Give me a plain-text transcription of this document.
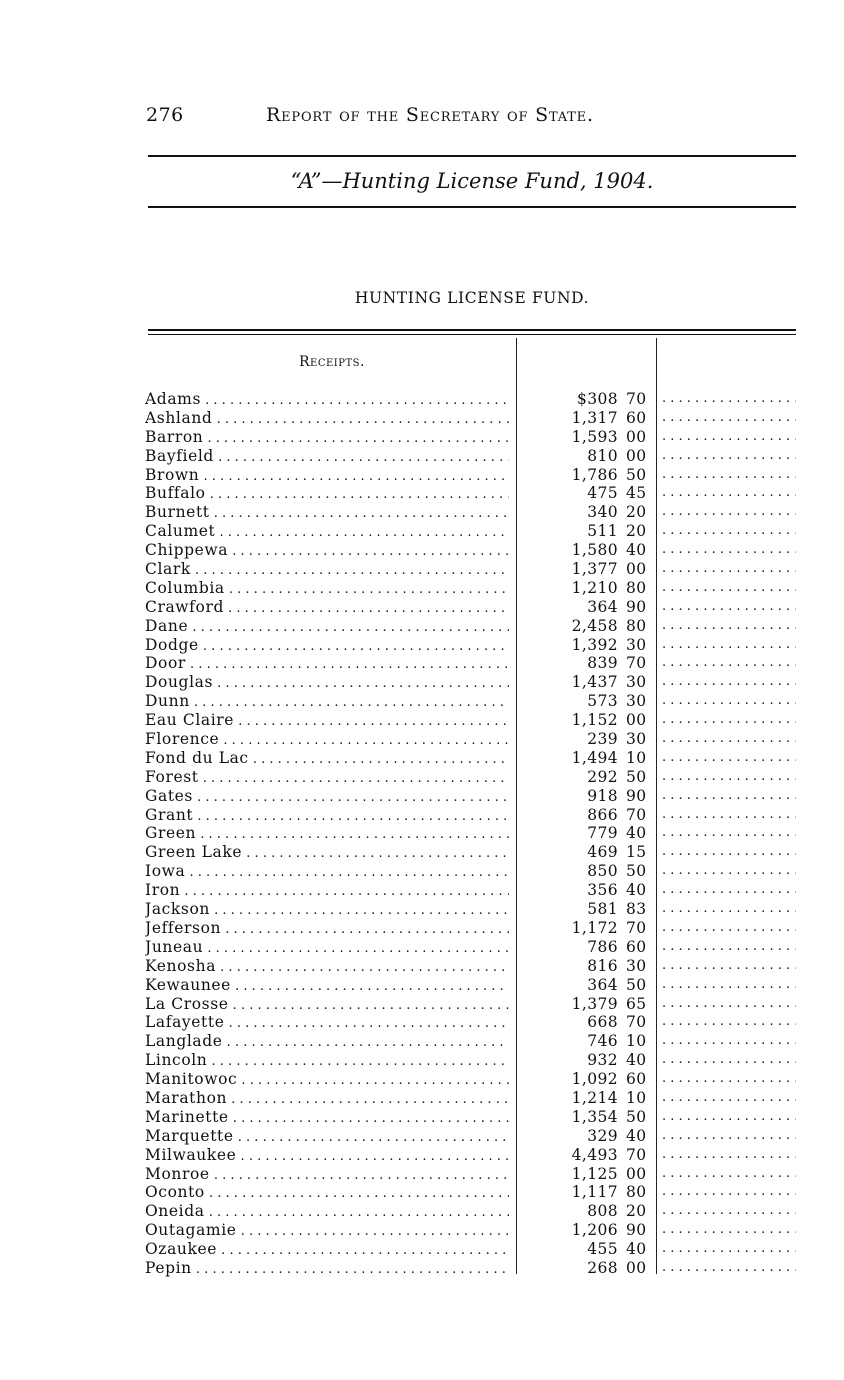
276	Report of the Secretary of State.
“A”—Hunting License Fund, 1904.
HUNTING LICENSE FUND.
Receipts.
Adams . . .	$308 70
. . .
Ashland . . .	1,317 60
. . .
Barron . . .	1,593 00
. . .
Bayfield . . .	810 00
. . .
Brown . . .	1,786 50
. . .
Buffalo . . .	475 45
. . .
Burnett . . .	340 20
. . .
Calumet . . .	511 20
. . .
Chippewa . . .	1,580 40
. . .
Clark . . .	1,377 00
. . .
Columbia . . .	1,210 80
. . .
Crawford . . .	364 90
. . .
Dane . . .	2,458 80
. . .
Dodge . . .	1,392 30
. . .
Door . . .	839 70
. . .
Douglas . . .	1,437 30
. . .
Dunn . . .	573 30
. . .
Eau Claire . . .	1,152 00
. . .
Florence . . .	239 30
. . .
Fond du Lac . . .	1,494 10
. . .
Forest . . .	292 50
. . .
Gates . . .	918 90
. . .
Grant . . .	866 70
. . .
Green . . .	779 40
. . .
Green Lake . . .	469 15
. . .
Iowa . . .	850 50
. . .
Iron . . .	356 40
. . .
Jackson . . .	581 83
. . .
Jefferson . . .	1,172 70
. . .
Juneau . . .	786 60
. . .
Kenosha . . .	816 30
. . .
Kewaunee . . .	364 50
. . .
La Crosse . . .	1,379 65
. . .
Lafayette . . .	668 70
. . .
Langlade . . .	746 10
. . .
Lincoln . . .	932 40
. . .
Manitowoc . . .	1,092 60
. . .
Marathon . . .	1,214 10
. . .
Marinette . . .	1,354 50
. . .
Marquette . . .	329 40
. . .
Milwaukee . . .	4,493 70
. . .
Monroe . . .	1,125 00
. . .
Oconto . . .	1,117 80
. . .
Oneida . . .	808 20
. . .
Outagamie . . .	1,206 90
. . .
Ozaukee . . .	455 40
. . .
Pepin . . .	268 00
. . .
